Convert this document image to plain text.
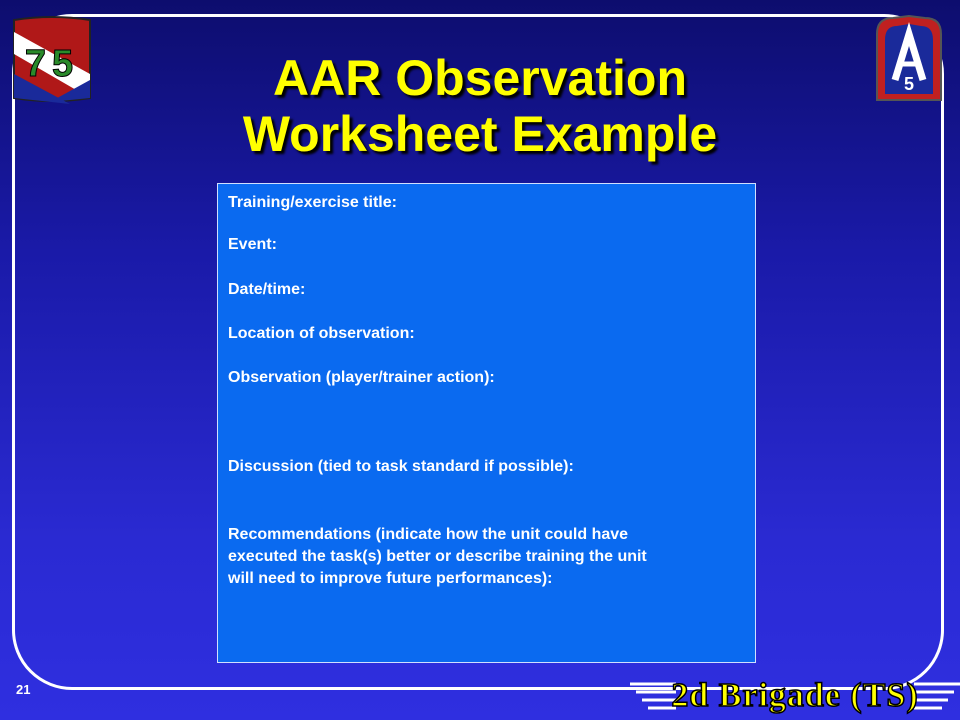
75	5
AAR Observation
Worksheet Example
Training/exercise title:
Event:
Date/time:
Location of observation:
Observation (player/trainer action):
Discussion (tied to task standard if possible):
Recommendations (indicate how the unit could have
executed the task(s) better or describe training the unit
will need to improve future performances):
21	2d Brigade (TS)
